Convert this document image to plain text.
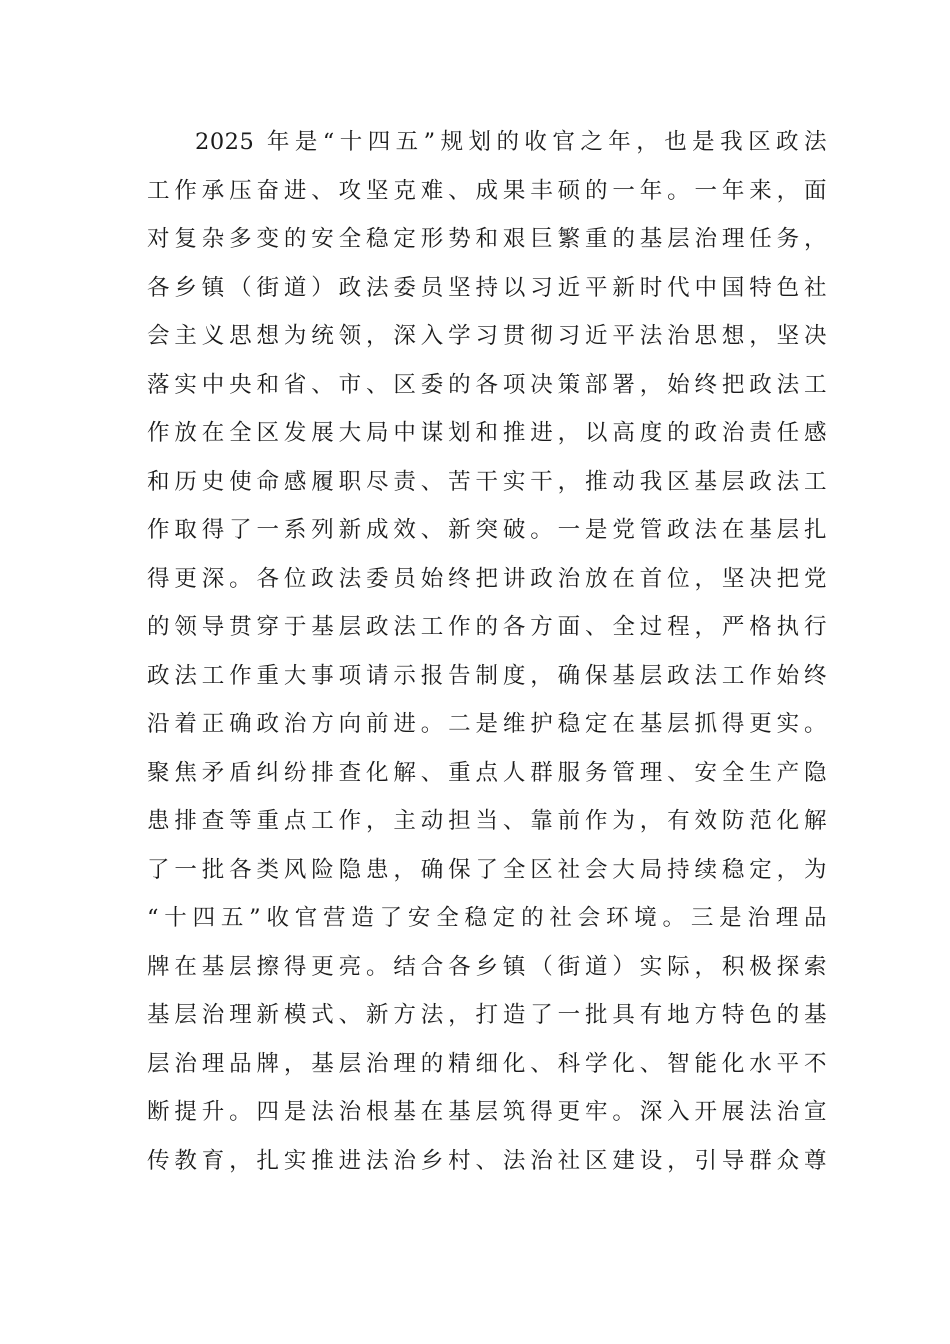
2025 年是“十四五”规划的收官之年，也是我区政法
工作承压奋进、攻坚克难、成果丰硕的一年。一年来，面
对复杂多变的安全稳定形势和艰巨繁重的基层治理任务，
各乡镇（街道）政法委员坚持以习近平新时代中国特色社
会主义思想为统领，深入学习贯彻习近平法治思想，坚决
落实中央和省、市、区委的各项决策部署，始终把政法工
作放在全区发展大局中谋划和推进，以高度的政治责任感
和历史使命感履职尽责、苦干实干，推动我区基层政法工
作取得了一系列新成效、新突破。一是党管政法在基层扎
得更深。各位政法委员始终把讲政治放在首位，坚决把党
的领导贯穿于基层政法工作的各方面、全过程，严格执行
政法工作重大事项请示报告制度，确保基层政法工作始终
沿着正确政治方向前进。二是维护稳定在基层抓得更实。
聚焦矛盾纠纷排查化解、重点人群服务管理、安全生产隐
患排查等重点工作，主动担当、靠前作为，有效防范化解
了一批各类风险隐患，确保了全区社会大局持续稳定，为
“十四五”收官营造了安全稳定的社会环境。三是治理品
牌在基层擦得更亮。结合各乡镇（街道）实际，积极探索
基层治理新模式、新方法，打造了一批具有地方特色的基
层治理品牌，基层治理的精细化、科学化、智能化水平不
断提升。四是法治根基在基层筑得更牢。深入开展法治宣
传教育，扎实推进法治乡村、法治社区建设，引导群众尊
